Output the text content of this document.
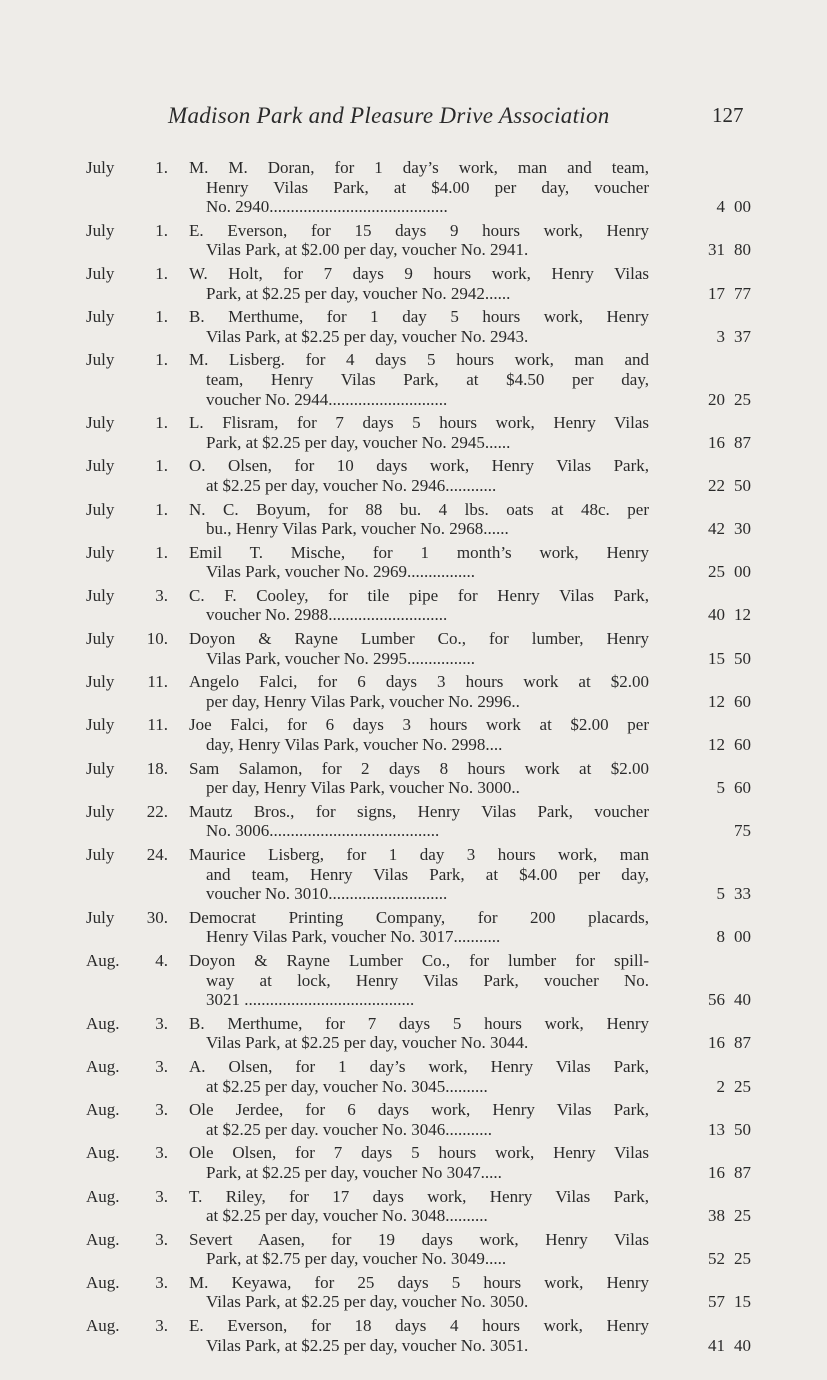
Madison Park and Pleasure Drive Association	127
July	1. M. M. Doran, for 1 day’s work, man and team,
Henry Vilas Park, at $4.00 per day, voucher
No. 2940..........................................	4 00
July	1. E. Everson, for 15 days 9 hours work, Henry
Vilas Park, at $2.00 per day, voucher No. 2941.	31 80
July	1. W. Holt, for 7 days 9 hours work, Henry Vilas
Park, at $2.25 per day, voucher No. 2942......	17 77
July	1. B. Merthume, for 1 day 5 hours work, Henry
Vilas Park, at $2.25 per day, voucher No. 2943.	3 37
July	1. M. Lisberg. for 4 days 5 hours work, man and
team, Henry Vilas Park, at $4.50 per day,
voucher No. 2944............................	20 25
July	1. L. Flisram, for 7 days 5 hours work, Henry Vilas
Park, at $2.25 per day, voucher No. 2945......	16 87
July	1. O. Olsen, for 10 days work, Henry Vilas Park,
at $2.25 per day, voucher No. 2946............	22 50
July	1. N. C. Boyum, for 88 bu. 4 lbs. oats at 48c. per
bu., Henry Vilas Park, voucher No. 2968......	42 30
July	1. Emil T. Mische, for 1 month’s work, Henry
Vilas Park, voucher No. 2969................	25 00
July	3. C. F. Cooley, for tile pipe for Henry Vilas Park,
voucher No. 2988............................	40 12
July	10. Doyon & Rayne Lumber Co., for lumber, Henry
Vilas Park, voucher No. 2995................	15 50
July	11. Angelo Falci, for 6 days 3 hours work at $2.00
per day, Henry Vilas Park, voucher No. 2996..	12 60
July	11. Joe Falci, for 6 days 3 hours work at $2.00 per
day, Henry Vilas Park, voucher No. 2998....	12 60
July	18. Sam Salamon, for 2 days 8 hours work at $2.00
per day, Henry Vilas Park, voucher No. 3000..	5 60
July	22. Mautz Bros., for signs, Henry Vilas Park, voucher
No. 3006........................................	75
July	24. Maurice Lisberg, for 1 day 3 hours work, man
and team, Henry Vilas Park, at $4.00 per day,
voucher No. 3010............................	5 33
July	30. Democrat Printing Company, for 200 placards,
Henry Vilas Park, voucher No. 3017...........	8 00
Aug.	4. Doyon & Rayne Lumber Co., for lumber for spill-
way at lock, Henry Vilas Park, voucher No.
3021 ........................................	56 40
Aug.	3. B. Merthume, for 7 days 5 hours work, Henry
Vilas Park, at $2.25 per day, voucher No. 3044.	16 87
Aug.	3. A. Olsen, for 1 day’s work, Henry Vilas Park,
at $2.25 per day, voucher No. 3045..........	2 25
Aug.	3. Ole Jerdee, for 6 days work, Henry Vilas Park,
at $2.25 per day. voucher No. 3046...........	13 50
Aug.	3. Ole Olsen, for 7 days 5 hours work, Henry Vilas
Park, at $2.25 per day, voucher No 3047.....	16 87
Aug.	3. T. Riley, for 17 days work, Henry Vilas Park,
at $2.25 per day, voucher No. 3048..........	38 25
Aug.	3. Severt Aasen, for 19 days work, Henry Vilas
Park, at $2.75 per day, voucher No. 3049.....	52 25
Aug.	3. M. Keyawa, for 25 days 5 hours work, Henry
Vilas Park, at $2.25 per day, voucher No. 3050.	57 15
Aug.	3. E. Everson, for 18 days 4 hours work, Henry
Vilas Park, at $2.25 per day, voucher No. 3051.	41 40
